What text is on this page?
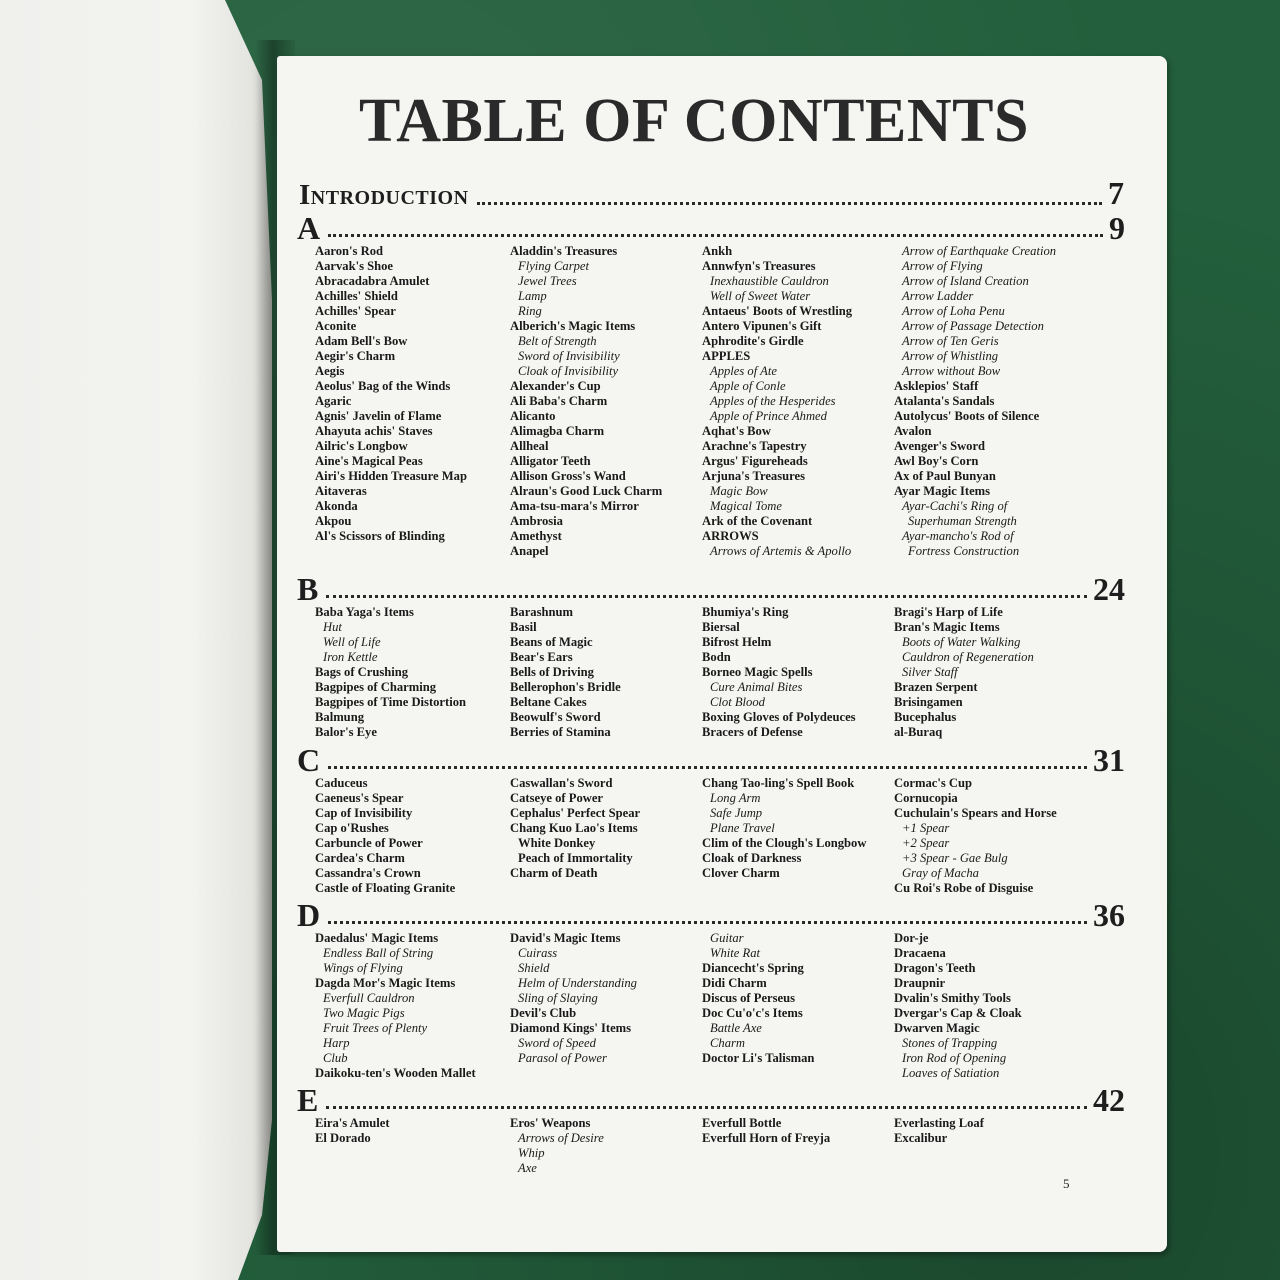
TABLE OF CONTENTS
Introduction	7
A	9
Aaron's Rod
Aarvak's Shoe
Abracadabra Amulet
Achilles' Shield
Achilles' Spear
Aconite
Adam Bell's Bow
Aegir's Charm
Aegis
Aeolus' Bag of the Winds
Agaric
Agnis' Javelin of Flame
Ahayuta achis' Staves
Ailric's Longbow
Aine's Magical Peas
Airi's Hidden Treasure Map
Aitaveras
Akonda
Akpou
Al's Scissors of Blinding
Aladdin's Treasures
Flying Carpet
Jewel Trees
Lamp
Ring
Alberich's Magic Items
Belt of Strength
Sword of Invisibility
Cloak of Invisibility
Alexander's Cup
Ali Baba's Charm
Alicanto
Alimagba Charm
Allheal
Alligator Teeth
Allison Gross's Wand
Alraun's Good Luck Charm
Ama-tsu-mara's Mirror
Ambrosia
Amethyst
Anapel
Ankh
Annwfyn's Treasures
Inexhaustible Cauldron
Well of Sweet Water
Antaeus' Boots of Wrestling
Antero Vipunen's Gift
Aphrodite's Girdle
APPLES
Apples of Ate
Apple of Conle
Apples of the Hesperides
Apple of Prince Ahmed
Aqhat's Bow
Arachne's Tapestry
Argus' Figureheads
Arjuna's Treasures
Magic Bow
Magical Tome
Ark of the Covenant
ARROWS
Arrows of Artemis & Apollo
Arrow of Earthquake Creation
Arrow of Flying
Arrow of Island Creation
Arrow Ladder
Arrow of Loha Penu
Arrow of Passage Detection
Arrow of Ten Geris
Arrow of Whistling
Arrow without Bow
Asklepios' Staff
Atalanta's Sandals
Autolycus' Boots of Silence
Avalon
Avenger's Sword
Awl Boy's Corn
Ax of Paul Bunyan
Ayar Magic Items
Ayar-Cachi's Ring of
Superhuman Strength
Ayar-mancho's Rod of
Fortress Construction
B	24
Baba Yaga's Items
Hut
Well of Life
Iron Kettle
Bags of Crushing
Bagpipes of Charming
Bagpipes of Time Distortion
Balmung
Balor's Eye
Barashnum
Basil
Beans of Magic
Bear's Ears
Bells of Driving
Bellerophon's Bridle
Beltane Cakes
Beowulf's Sword
Berries of Stamina
Bhumiya's Ring
Biersal
Bifrost Helm
Bodn
Borneo Magic Spells
Cure Animal Bites
Clot Blood
Boxing Gloves of Polydeuces
Bracers of Defense
Bragi's Harp of Life
Bran's Magic Items
Boots of Water Walking
Cauldron of Regeneration
Silver Staff
Brazen Serpent
Brisingamen
Bucephalus
al-Buraq
C	31
Caduceus
Caeneus's Spear
Cap of Invisibility
Cap o'Rushes
Carbuncle of Power
Cardea's Charm
Cassandra's Crown
Castle of Floating Granite
Caswallan's Sword
Catseye of Power
Cephalus' Perfect Spear
Chang Kuo Lao's Items
White Donkey
Peach of Immortality
Charm of Death
Chang Tao-ling's Spell Book
Long Arm
Safe Jump
Plane Travel
Clim of the Clough's Longbow
Cloak of Darkness
Clover Charm
Cormac's Cup
Cornucopia
Cuchulain's Spears and Horse
+1 Spear
+2 Spear
+3 Spear - Gae Bulg
Gray of Macha
Cu Roi's Robe of Disguise
D	36
Daedalus' Magic Items
Endless Ball of String
Wings of Flying
Dagda Mor's Magic Items
Everfull Cauldron
Two Magic Pigs
Fruit Trees of Plenty
Harp
Club
Daikoku-ten's Wooden Mallet
David's Magic Items
Cuirass
Shield
Helm of Understanding
Sling of Slaying
Devil's Club
Diamond Kings' Items
Sword of Speed
Parasol of Power
Guitar
White Rat
Diancecht's Spring
Didi Charm
Discus of Perseus
Doc Cu'o'c's Items
Battle Axe
Charm
Doctor Li's Talisman
Dor-je
Dracaena
Dragon's Teeth
Draupnir
Dvalin's Smithy Tools
Dvergar's Cap & Cloak
Dwarven Magic
Stones of Trapping
Iron Rod of Opening
Loaves of Satiation
E	42
Eira's Amulet
El Dorado
Eros' Weapons
Arrows of Desire
Whip
Axe
Everfull Bottle
Everfull Horn of Freyja
Everlasting Loaf
Excalibur
5
